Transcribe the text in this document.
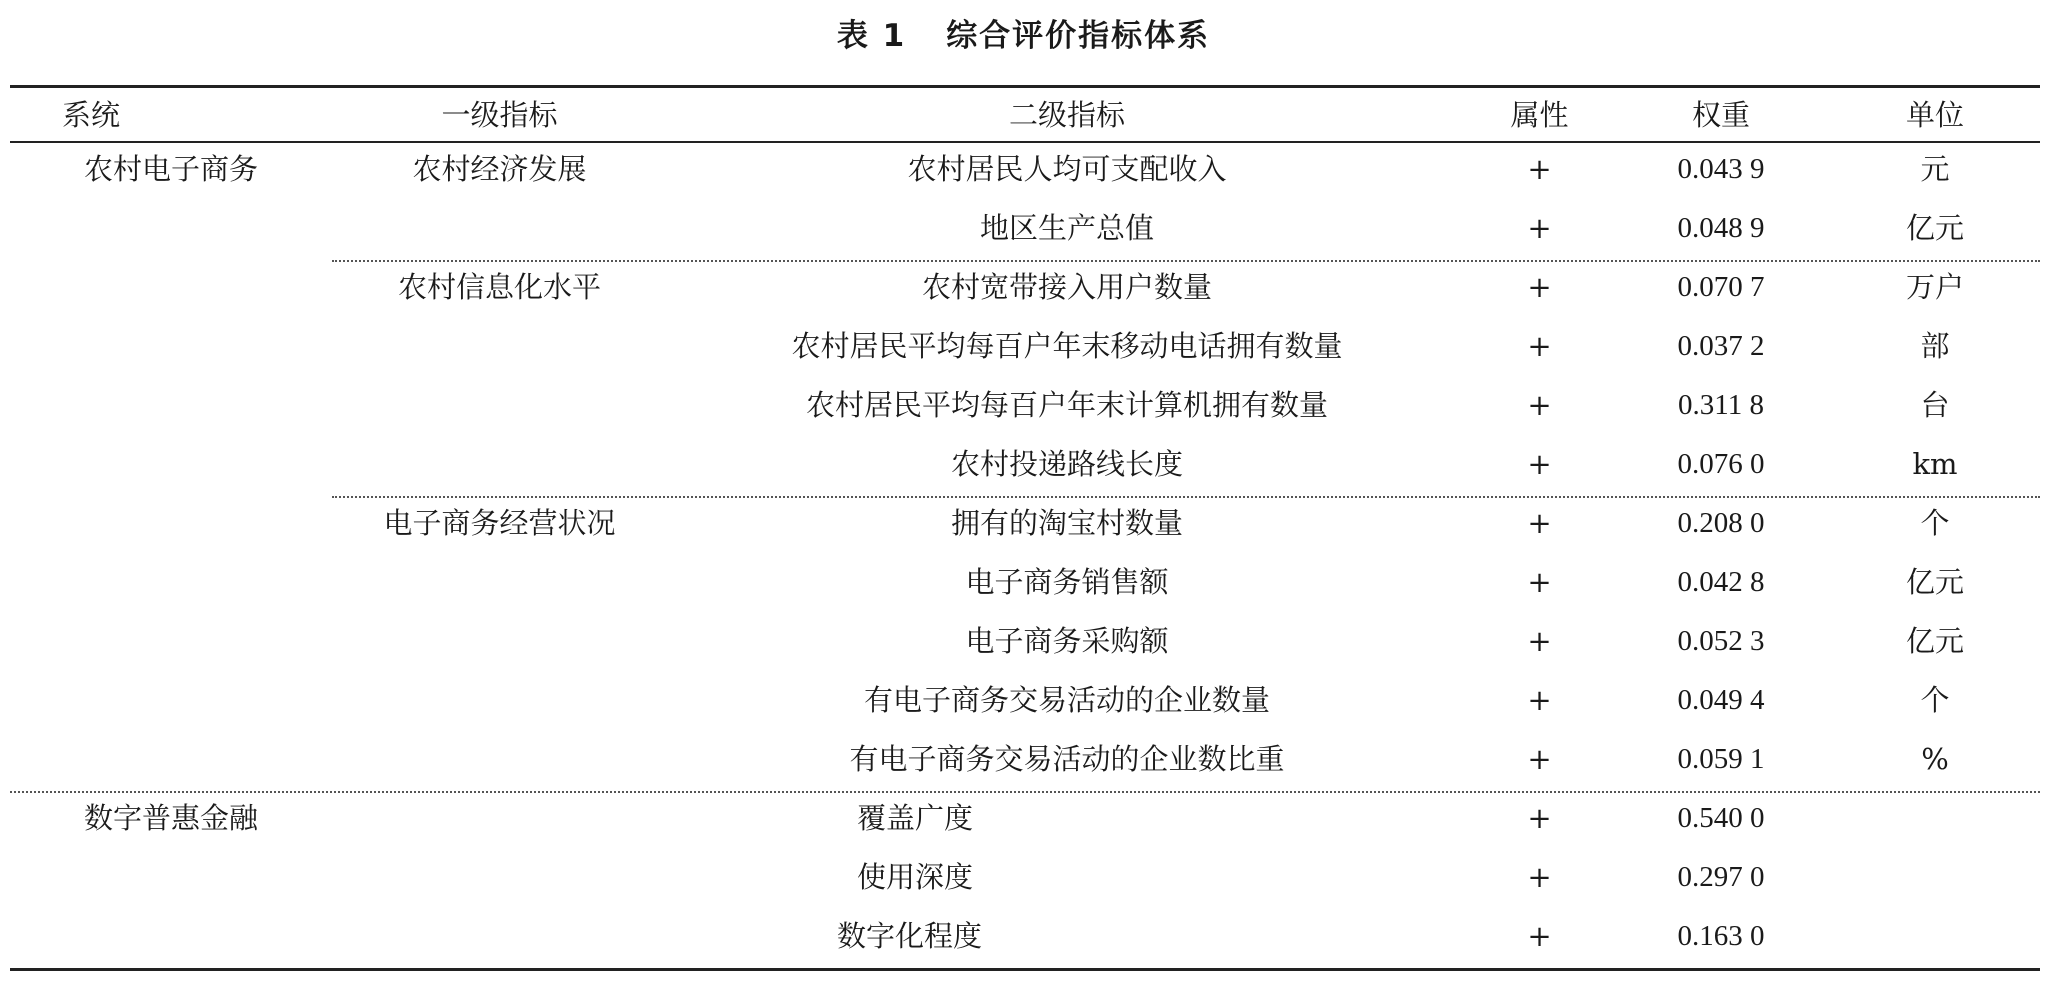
表 1 综合评价指标体系
系统	一级指标	二级指标	属性	权重	单位
农村电子商务	农村经济发展	农村居民人均可支配收入	+	0.043 9	元
		地区生产总值	+	0.048 9	亿元
	农村信息化水平	农村宽带接入用户数量	+	0.070 7	万户
		农村居民平均每百户年末移动电话拥有数量	+	0.037 2	部
		农村居民平均每百户年末计算机拥有数量	+	0.311 8	台
		农村投递路线长度	+	0.076 0	km
	电子商务经营状况	拥有的淘宝村数量	+	0.208 0	个
		电子商务销售额	+	0.042 8	亿元
		电子商务采购额	+	0.052 3	亿元
		有电子商务交易活动的企业数量	+	0.049 4	个
		有电子商务交易活动的企业数比重	+	0.059 1	%
数字普惠金融		覆盖广度	+	0.540 0	
		使用深度	+	0.297 0	
		数字化程度	+	0.163 0	
